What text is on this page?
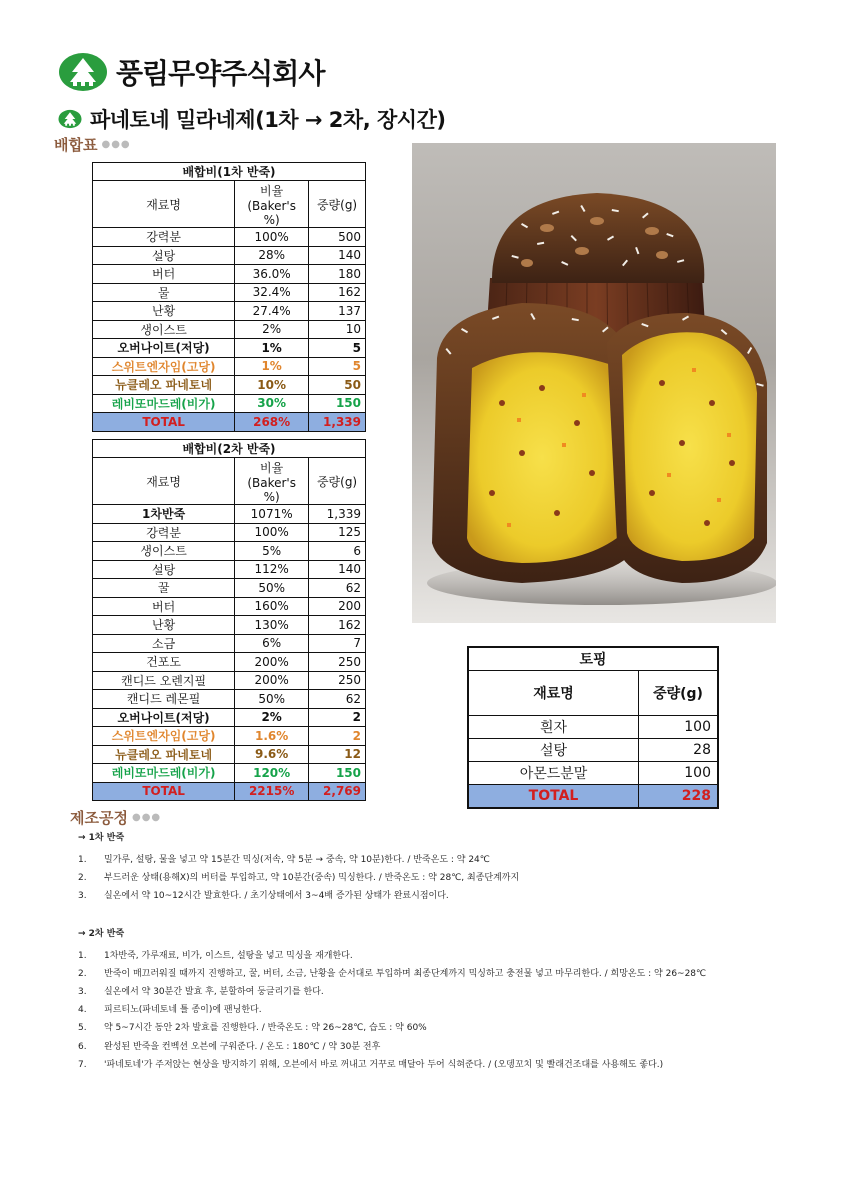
풍림무약주식회사
파네토네 밀라네제(1차 → 2차, 장시간)
배합표 ●●●
배합비(1차 반죽)		
재료명	비율	중량(g)
	(Baker's %)	
강력분	100%	500
설탕	28%	140
버터	36.0%	180
물	32.4%	162
난황	27.4%	137
생이스트	2%	10
오버나이트(저당)	1%	5
스위트엔자임(고당)	1%	5
뉴클레오 파네토네	10%	50
레비또마드레(비가)	30%	150
TOTAL	268%	1,339
배합비(2차 반죽)		
재료명	비율	중량(g)
	(Baker's %)	
1차반죽	1071%	1,339
강력분	100%	125
생이스트	5%	6
설탕	112%	140
꿀	50%	62
버터	160%	200
난황	130%	162
소금	6%	7
건포도	200%	250
캔디드 오렌지필	200%	250
캔디드 레몬필	50%	62
오버나이트(저당)	2%	2
스위트엔자임(고당)	1.6%	2
뉴클레오 파네토네	9.6%	12
레비또마드레(비가)	120%	150
TOTAL	2215%	2,769
토핑	
재료명	중량(g)
흰자	100
설탕	28
아몬드분말	100
TOTAL	228
제조공정 ●●●
→ 1차 반죽
1.	밀가루, 설탕, 물을 넣고 약 15분간 믹싱(저속, 약 5분 → 중속, 약 10분)한다. / 반죽온도 : 약 24℃
2.	부드러운 상태(용해X)의 버터를 투입하고, 약 10분간(중속) 믹싱한다. / 반죽온도 : 약 28℃, 최종단계까지
3.	실온에서 약 10~12시간 발효한다. / 초기상태에서 3~4배 증가된 상태가 완료시점이다.
→ 2차 반죽
1.	1차반죽, 가루재료, 비가, 이스트, 설탕을 넣고 믹싱을 재개한다.
2.	반죽이 매끄러워질 때까지 진행하고, 꿀, 버터, 소금, 난황을 순서대로 투입하며 최종단계까지 믹싱하고 충전물 넣고 마무리한다. / 희망온도 : 약 26~28℃
3.	실온에서 약 30분간 발효 후, 분할하여 둥글리기를 한다.
4.	피르티노(파네토네 틀 종이)에 팬닝한다.
5.	약 5~7시간 동안 2차 발효를 진행한다. / 반죽온도 : 약 26~28℃, 습도 : 약 60%
6.	완성된 반죽을 컨벡션 오븐에 구워준다. / 온도 : 180℃ / 약 30분 전후
7.	'파네토네'가 주저앉는 현상을 방지하기 위해, 오븐에서 바로 꺼내고 거꾸로 매달아 두어 식혀준다. / (오뎅꼬치 및 빨래건조대를 사용해도 좋다.)
